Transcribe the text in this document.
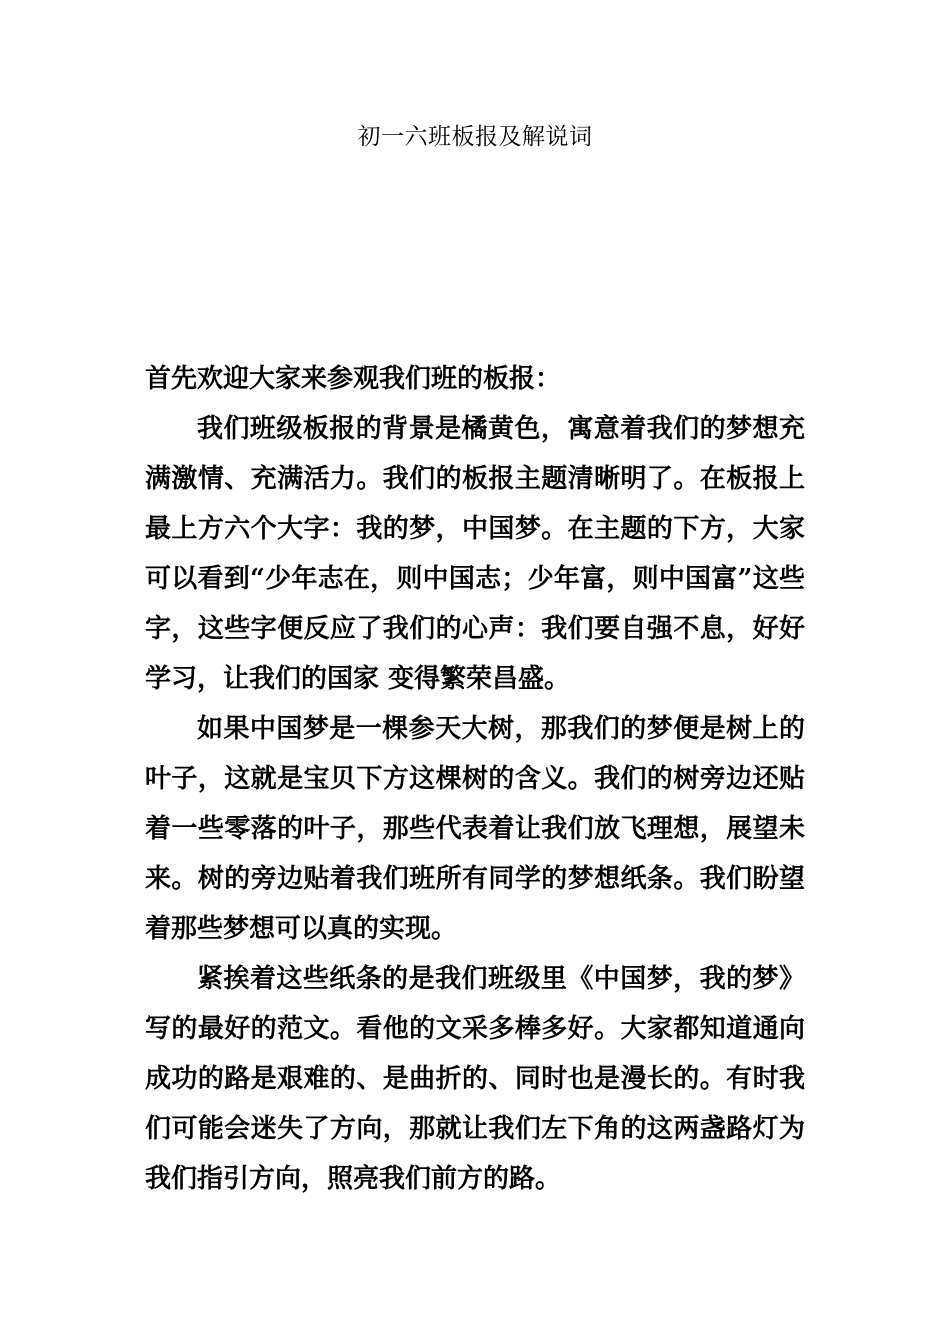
初一六班板报及解说词

首先欢迎大家来参观我们班的板报：

我们班级板报的背景是橘黄色，寓意着我们的梦想充满激情、充满活力。我们的板报主题清晰明了。在板报上最上方六个大字：我的梦，中国梦。在主题的下方，大家可以看到“少年志在，则中国志；少年富，则中国富”这些字，这些字便反应了我们的心声：我们要自强不息，好好学习，让我们的国家 变得繁荣昌盛。

如果中国梦是一棵参天大树，那我们的梦便是树上的叶子，这就是宝贝下方这棵树的含义。我们的树旁边还贴着一些零落的叶子，那些代表着让我们放飞理想，展望未来。树的旁边贴着我们班所有同学的梦想纸条。我们盼望着那些梦想可以真的实现。

紧挨着这些纸条的是我们班级里《中国梦，我的梦》写的最好的范文。看他的文采多棒多好。大家都知道通向成功的路是艰难的、是曲折的、同时也是漫长的。有时我们可能会迷失了方向，那就让我们左下角的这两盏路灯为我们指引方向，照亮我们前方的路。
